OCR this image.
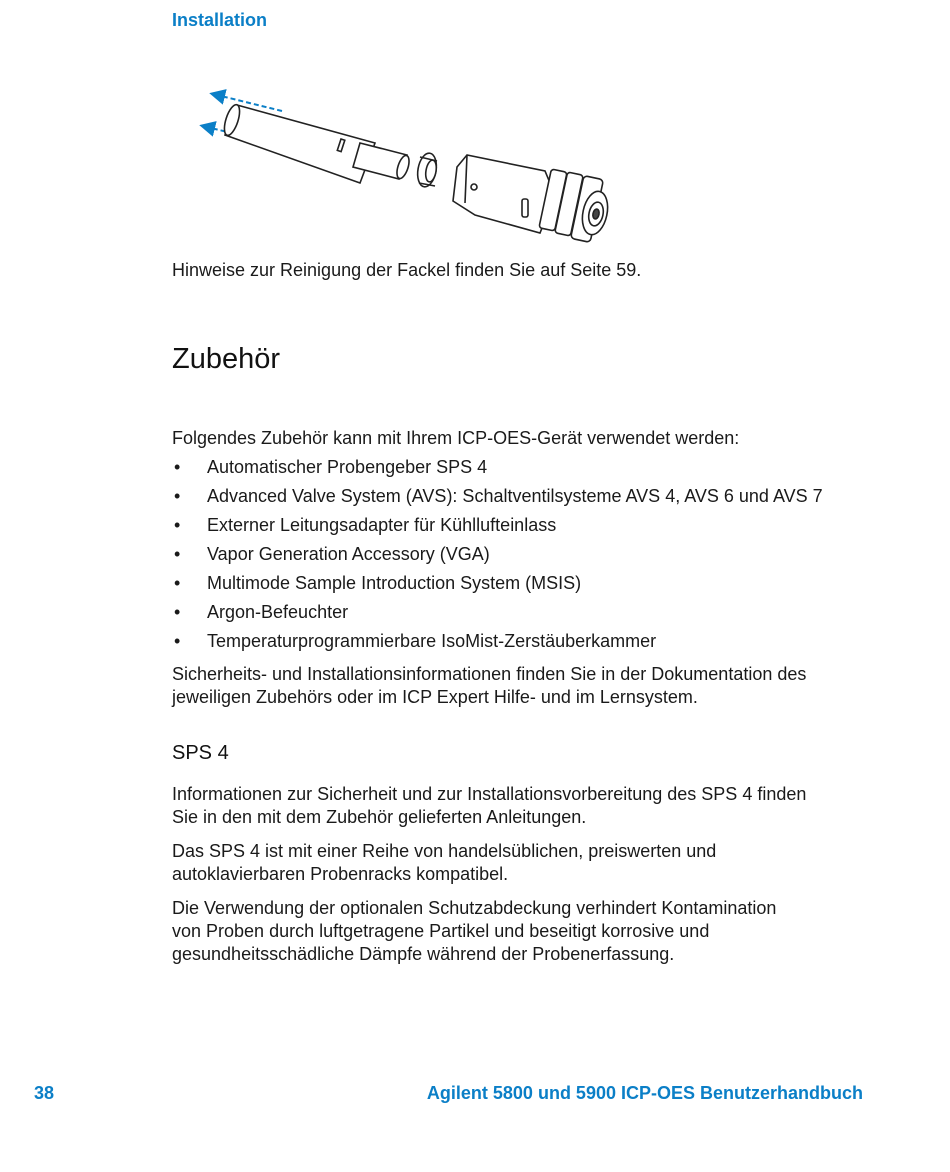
Installation

Hinweise zur Reinigung der Fackel finden Sie auf Seite 59.

Zubehör

Folgendes Zubehör kann mit Ihrem ICP-OES-Gerät verwendet werden:

• Automatischer Probengeber SPS 4
• Advanced Valve System (AVS): Schaltventilsysteme AVS 4, AVS 6 und AVS 7
• Externer Leitungsadapter für Kühllufteinlass
• Vapor Generation Accessory (VGA)
• Multimode Sample Introduction System (MSIS)
• Argon-Befeuchter
• Temperaturprogrammierbare IsoMist-Zerstäuberkammer
Sicherheits- und Installationsinformationen finden Sie in der Dokumentation des
jeweiligen Zubehörs oder im ICP Expert Hilfe- und im Lernsystem.
SPS 4
Informationen zur Sicherheit und zur Installationsvorbereitung des SPS 4 finden
Sie in den mit dem Zubehör gelieferten Anleitungen.
Das SPS 4 ist mit einer Reihe von handelsüblichen, preiswerten und
autoklavierbaren Probenracks kompatibel.
Die Verwendung der optionalen Schutzabdeckung verhindert Kontamination
von Proben durch luftgetragene Partikel und beseitigt korrosive und
gesundheitsschädliche Dämpfe während der Probenerfassung.
38	Agilent 5800 und 5900 ICP-OES Benutzerhandbuch
